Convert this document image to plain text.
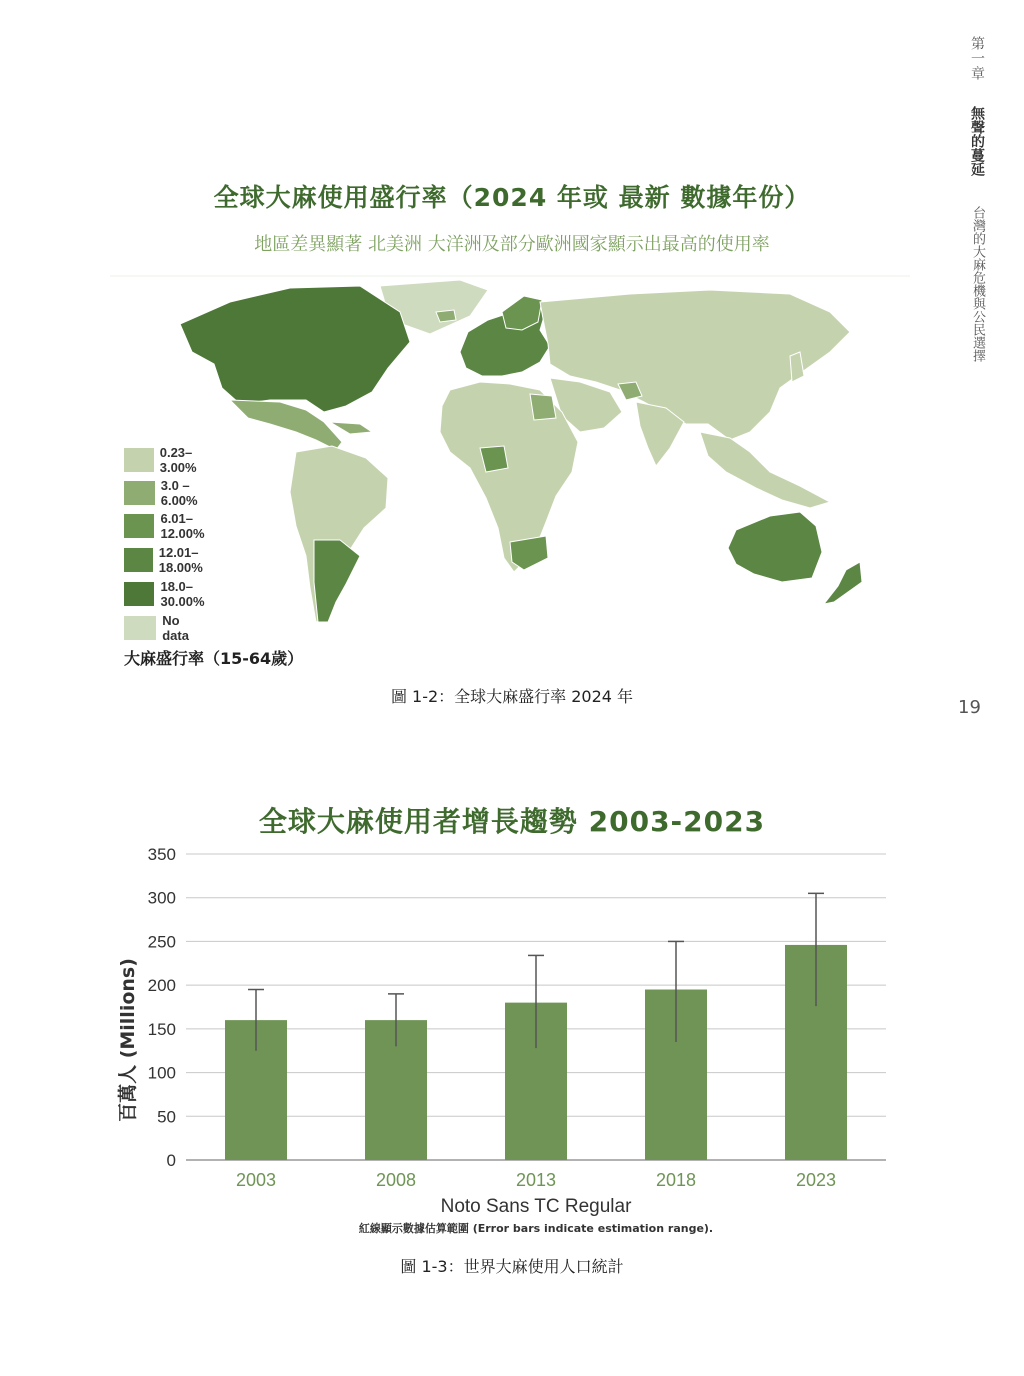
第一章
無聲的蔓延
台灣的大麻危機與公民選擇
19
全球大麻使用盛行率（2024 年或 最新 數據年份）
地區差異顯著 北美洲 大洋洲及部分歐洲國家顯示出最高的使用率
0.23–3.00%
3.0 –6.00%
6.01–12.00%
12.01–18.00%
18.0–30.00%
No data
大麻盛行率（15-64歲）
圖 1-2：全球大麻盛行率 2024 年
全球大麻使用者增長趨勢 2003-2023
0
50
100
150
200
250
300
350
2003	2008	2013	2018	2023
百萬人 (Millions)
Noto Sans TC Regular
紅線顯示數據估算範圍 (Error bars indicate estimation range).
圖 1-3：世界大麻使用人口統計
